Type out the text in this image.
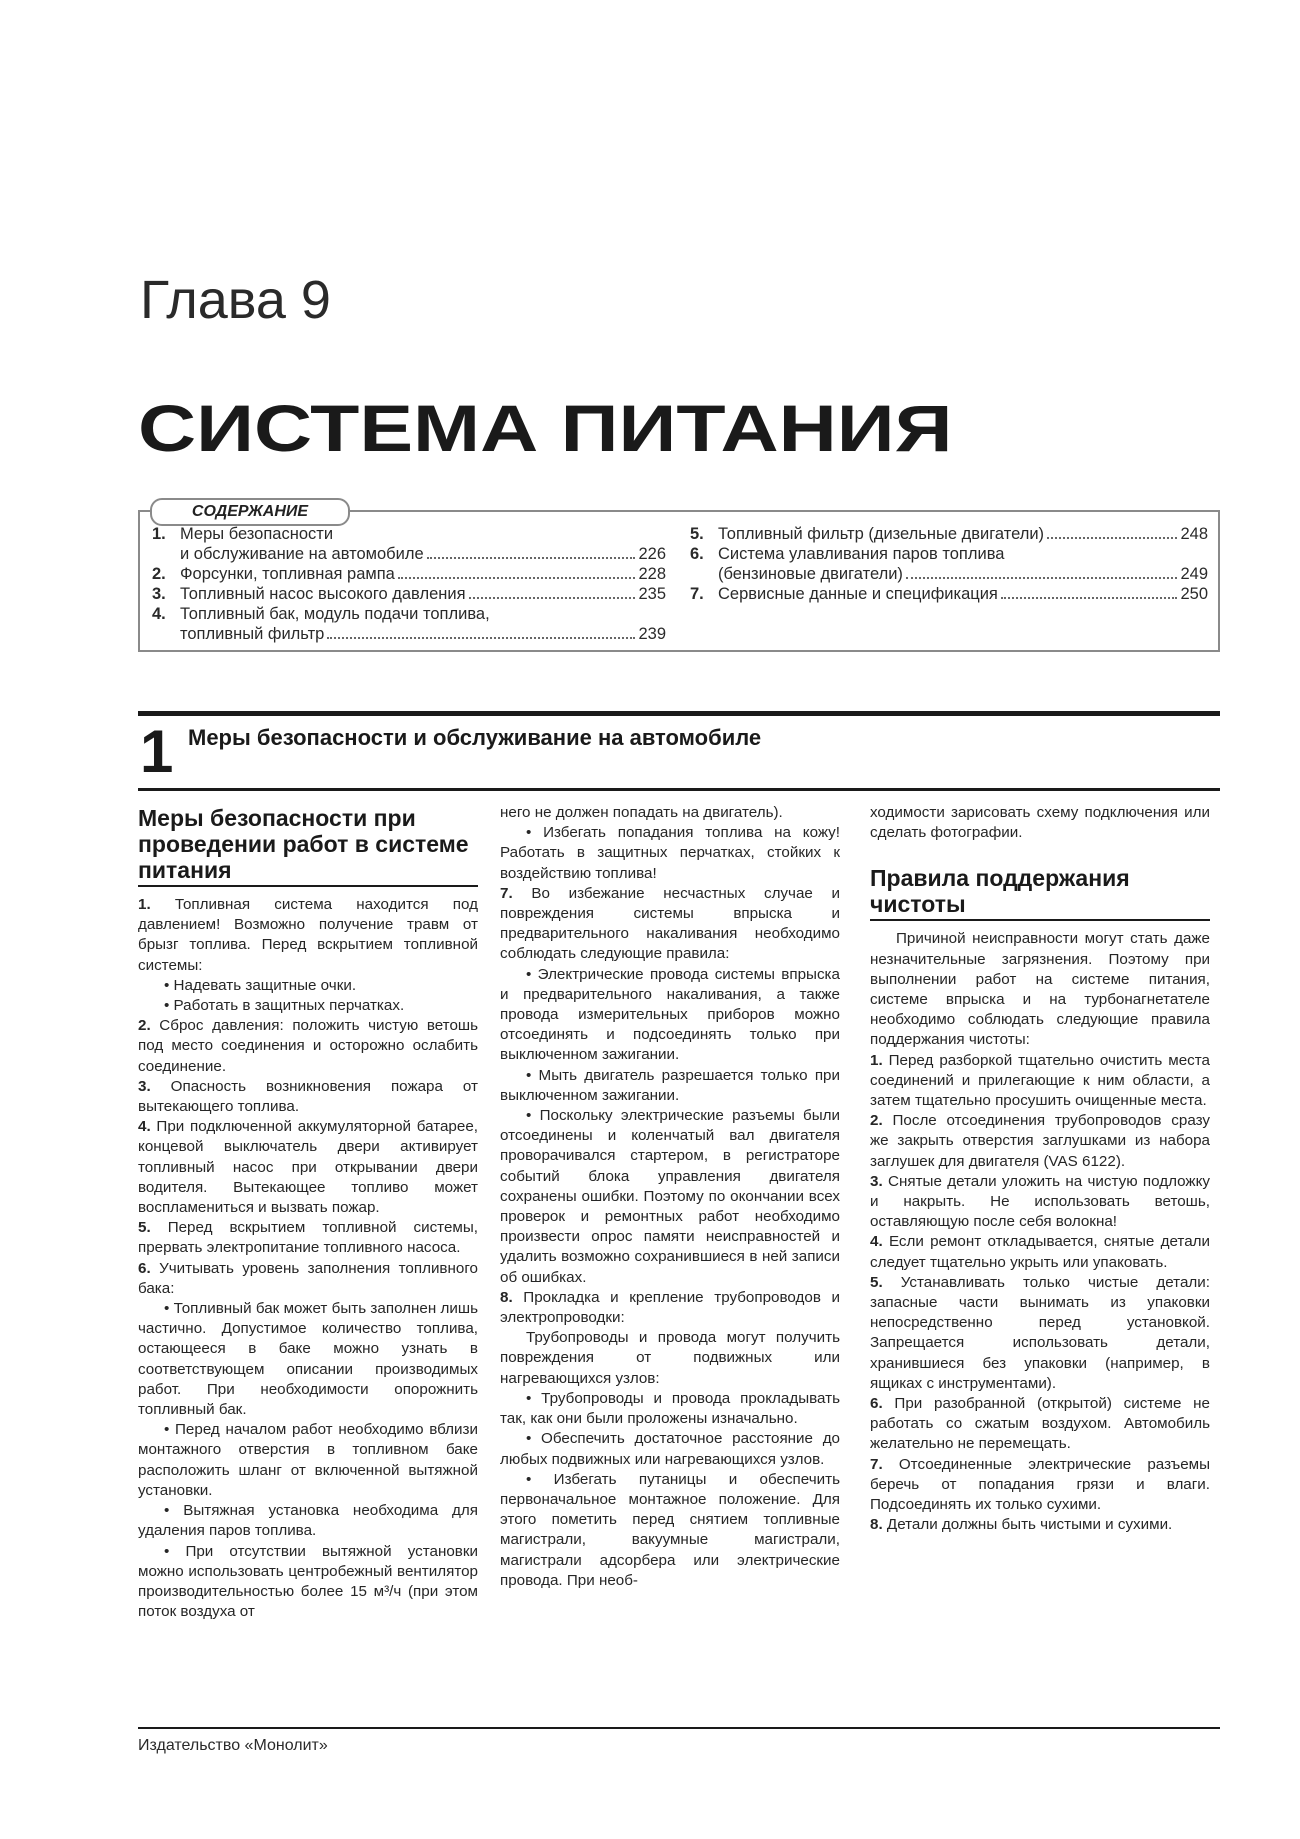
Глава 9
СИСТЕМА ПИТАНИЯ
СОДЕРЖАНИЕ
1. Меры безопасности
и обслуживание на автомобиле	226
2. Форсунки, топливная рампа	228
3. Топливный насос высокого давления	235
4. Топливный бак, модуль подачи топлива,
топливный фильтр	239
5. Топливный фильтр (дизельные двигатели)	248
6. Система улавливания паров топлива
(бензиновые двигатели)	249
7. Сервисные данные и спецификация	250
1 Меры безопасности и обслуживание на автомобиле
Меры безопасности при проведении работ в системе питания

1. Топливная система находится под давлением! Возможно получение травм от брызг топлива. Перед вскрытием топливной системы:

• Надевать защитные очки.

• Работать в защитных перчатках.

2. Сброс давления: положить чистую ветошь под место соединения и осторожно ослабить соединение.

3. Опасность возникновения пожара от вытекающего топлива.

4. При подключенной аккумуляторной батарее, концевой выключатель двери активирует топливный насос при открывании двери водителя. Вытекающее топливо может воспламениться и вызвать пожар.

5. Перед вскрытием топливной системы, прервать электропитание топливного насоса.

6. Учитывать уровень заполнения топливного бака:

• Топливный бак может быть заполнен лишь частично. Допустимое количество топлива, остающееся в баке можно узнать в соответствующем описании производимых работ. При необходимости опорожнить топливный бак.

• Перед началом работ необходимо вблизи монтажного отверстия в топливном баке расположить шланг от включенной вытяжной установки.

• Вытяжная установка необходима для удаления паров топлива.

• При отсутствии вытяжной установки можно использовать центробежный вентилятор производительностью более 15 м³/ч (при этом поток воздуха от

него не должен попадать на двигатель).

• Избегать попадания топлива на кожу! Работать в защитных перчатках, стойких к воздействию топлива!

7. Во избежание несчастных случае и повреждения системы впрыска и предварительного накаливания необходимо соблюдать следующие правила:

• Электрические провода системы впрыска и предварительного накаливания, а также провода измерительных приборов можно отсоединять и подсоединять только при выключенном зажигании.

• Мыть двигатель разрешается только при выключенном зажигании.

• Поскольку электрические разъемы были отсоединены и коленчатый вал двигателя проворачивался стартером, в регистраторе событий блока управления двигателя сохранены ошибки. Поэтому по окончании всех проверок и ремонтных работ необходимо произвести опрос памяти неисправностей и удалить возможно сохранившиеся в ней записи об ошибках.

8. Прокладка и крепление трубопроводов и электропроводки:

Трубопроводы и провода могут получить повреждения от подвижных или нагревающихся узлов:

• Трубопроводы и провода прокладывать так, как они были проложены изначально.

• Обеспечить достаточное расстояние до любых подвижных или нагревающихся узлов.

• Избегать путаницы и обеспечить первоначальное монтажное положение. Для этого пометить перед снятием топливные магистрали, вакуумные магистрали, магистрали адсорбера или электрические провода. При необ-

ходимости зарисовать схему подключения или сделать фотографии.

Правила поддержания чистоты

Причиной неисправности могут стать даже незначительные загрязнения. Поэтому при выполнении работ на системе питания, системе впрыска и на турбонагнетателе необходимо соблюдать следующие правила поддержания чистоты:

1. Перед разборкой тщательно очистить места соединений и прилегающие к ним области, а затем тщательно просушить очищенные места.

2. После отсоединения трубопроводов сразу же закрыть отверстия заглушками из набора заглушек для двигателя (VAS 6122).

3. Снятые детали уложить на чистую подложку и накрыть. Не использовать ветошь, оставляющую после себя волокна!

4. Если ремонт откладывается, снятые детали следует тщательно укрыть или упаковать.

5. Устанавливать только чистые детали: запасные части вынимать из упаковки непосредственно перед установкой. Запрещается использовать детали, хранившиеся без упаковки (например, в ящиках с инструментами).

6. При разобранной (открытой) системе не работать со сжатым воздухом. Автомобиль желательно не перемещать.

7. Отсоединенные электрические разъемы беречь от попадания грязи и влаги. Подсоединять их только сухими.

8. Детали должны быть чистыми и сухими.

Издательство «Монолит»
